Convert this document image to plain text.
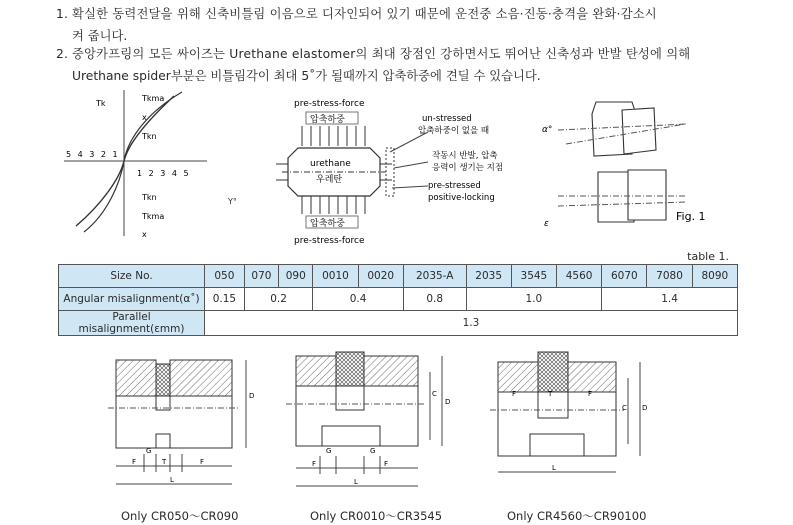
1. 확실한 동력전달을 위해 신축비틀림 이음으로 디자인되어 있기 때문에 운전중 소음·진동·충격을 완화·감소시
켜 줍니다.
2. 중앙카프링의 모든 싸이즈는 Urethane elastomer의 최대 장점인 강하면서도 뛰어난 신축성과 반발 탄성에 의해
Urethane spider부분은 비틀림각이 최대 5˚가 될때까지 압축하중에 견딜 수 있습니다.
Tk
Tkma
x
Tkn
5 4 3 2 1
1 2 3 4 5
Tkn
Tkma
x
Y°
pre-stress-force
압축하중
urethane
우레탄
압축하중
pre-stress-force
un-stressed
압축하중이 없을 때
작동시 반발, 압축
응력이 생기는 지점
pre-stressed
positive-locking
α°
ε
Fig. 1
table 1.
Size No.	050	070	090	0010	0020	2035-A	2035	3545	4560	6070	7080	8090
Angular misalignment(α˚)	0.15	0.2		0.4		0.8	1.0			1.4		
Parallel misalignment(εmm)	1.3											
D
G
F	T	F
L
Only CR050～CR090
C
D
G	G
F	F
L
Only CR0010～CR3545
F	T	F
C D
L
Only CR4560～CR90100
